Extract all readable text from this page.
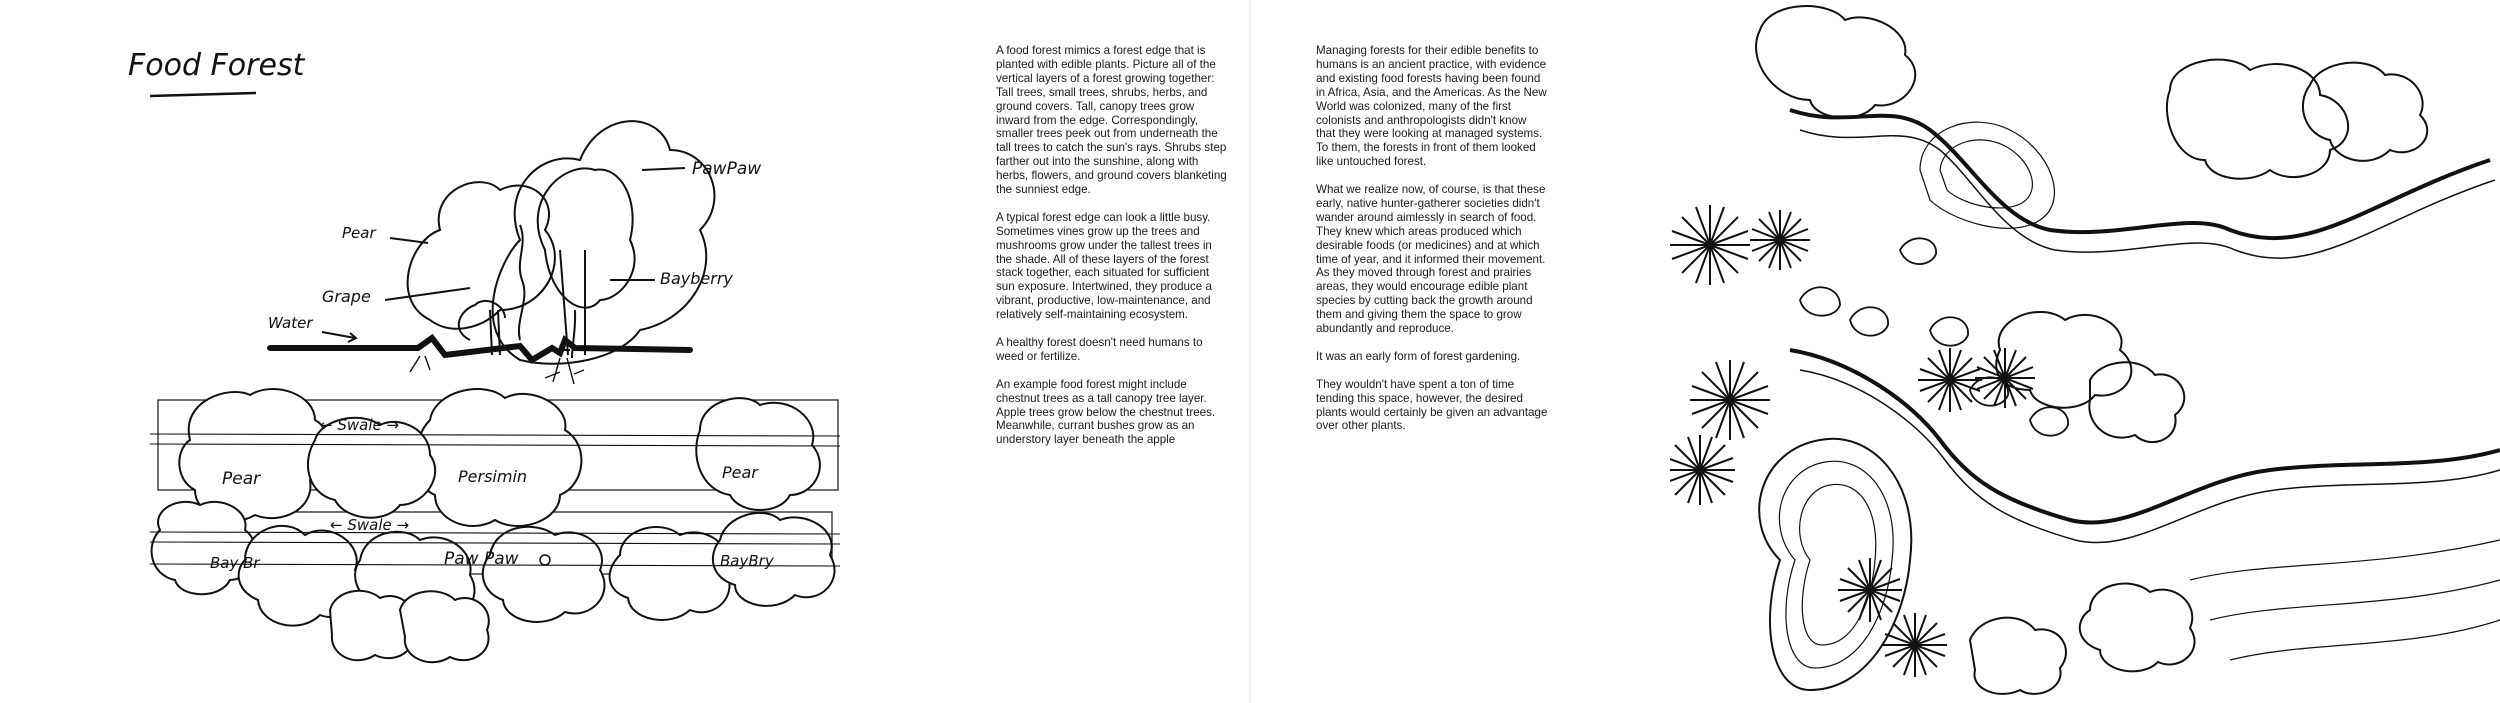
Food Forest
PawPaw
Pear
Grape
Bayberry
Water
← Swale →
Pear	Persimin	Pear
← Swale →
Bay Br	Paw Paw	BayBry

A food forest mimics a forest edge that is planted with edible plants. Picture all of the vertical layers of a forest growing together: Tall trees, small trees, shrubs, herbs, and ground covers. Tall, canopy trees grow inward from the edge. Correspondingly, smaller trees peek out from underneath the tall trees to catch the sun's rays. Shrubs step farther out into the sunshine, along with herbs, flowers, and ground covers blanketing the sunniest edge.

A typical forest edge can look a little busy. Sometimes vines grow up the trees and mushrooms grow under the tallest trees in the shade. All of these layers of the forest stack together, each situated for sufficient sun exposure. Intertwined, they produce a vibrant, productive, low-maintenance, and relatively self-maintaining ecosystem.

A healthy forest doesn't need humans to weed or fertilize.

An example food forest might include chestnut trees as a tall canopy tree layer. Apple trees grow below the chestnut trees. Meanwhile, currant bushes grow as an understory layer beneath the apple

Managing forests for their edible benefits to humans is an ancient practice, with evidence and existing food forests having been found in Africa, Asia, and the Americas. As the New World was colonized, many of the first colonists and anthropologists didn't know that they were looking at managed systems. To them, the forests in front of them looked like untouched forest.

What we realize now, of course, is that these early, native hunter-gatherer societies didn't wander around aimlessly in search of food. They knew which areas produced which desirable foods (or medicines) and at which time of year, and it informed their movement. As they moved through forest and prairies areas, they would encourage edible plant species by cutting back the growth around them and giving them the space to grow abundantly and reproduce.

It was an early form of forest gardening.

They wouldn't have spent a ton of time tending this space, however, the desired plants would certainly be given an advantage over other plants.
